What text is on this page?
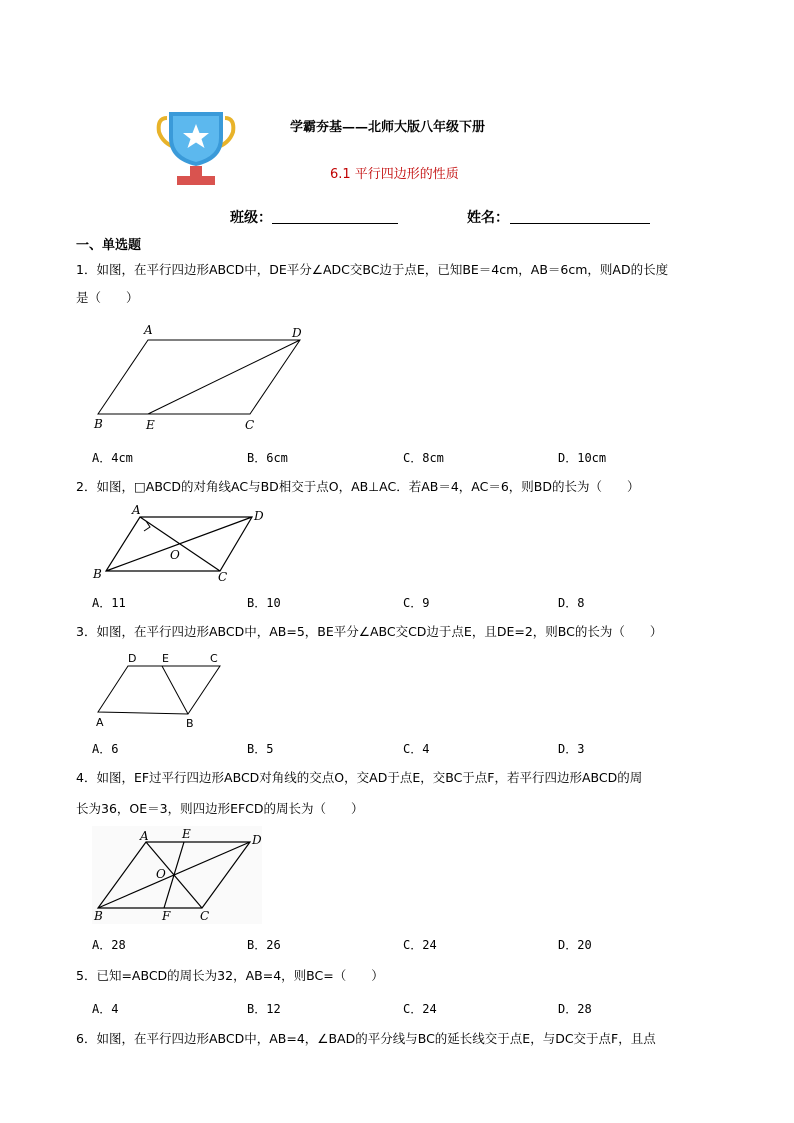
学霸夯基——北师大版八年级下册
6.1 平行四边形的性质
班级：	姓名：
一、单选题
1．如图，在平行四边形ABCD中，DE平分∠ADC交BC边于点E，已知BE＝4cm，AB＝6cm，则AD的长度
是（　　）
A	D
B	E	C
A．4cm	B．6cm	C．8cm	D．10cm
2．如图，□ABCD的对角线AC与BD相交于点O，AB⊥AC．若AB＝4，AC＝6，则BD的长为（　　）
A	D
O
B	C
A．11	B．10	C．9	D．8
3．如图，在平行四边形ABCD中，AB=5，BE平分∠ABC交CD边于点E，且DE=2，则BC的长为（　　）
D E	C
A	B
A．6	B．5	C．4	D．3
4．如图，EF过平行四边形ABCD对角线的交点O，交AD于点E，交BC于点F，若平行四边形ABCD的周
长为36，OE＝3，则四边形EFCD的周长为（　　）
A	E	D
O
B	F C
A．28	B．26	C．24	D．20
5．已知=ABCD的周长为32，AB=4，则BC=（　　）
A．4	B．12	C．24	D．28
6．如图，在平行四边形ABCD中，AB=4，∠BAD的平分线与BC的延长线交于点E，与DC交于点F，且点
